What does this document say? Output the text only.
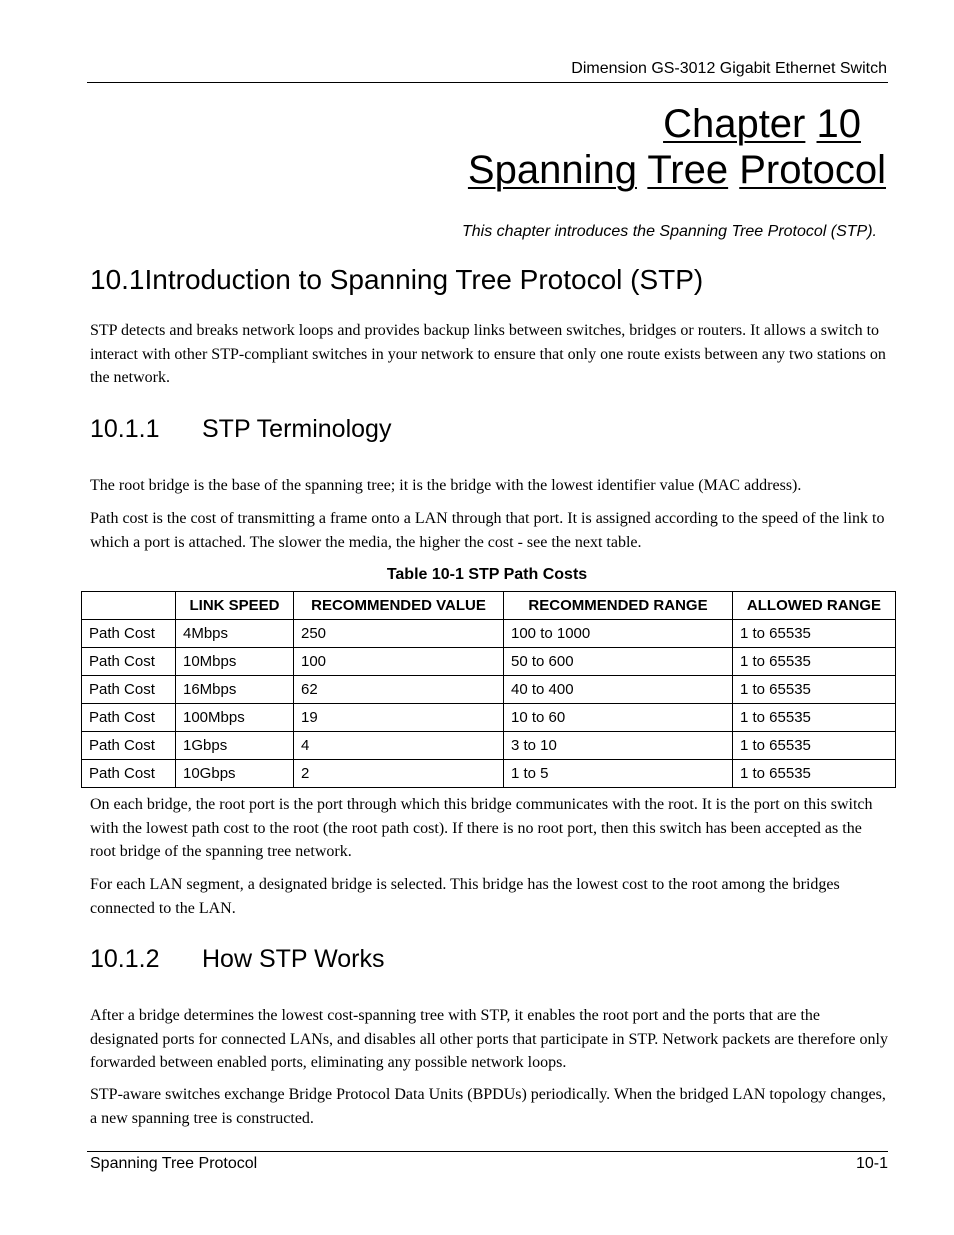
Dimension GS-3012 Gigabit Ethernet Switch
Chapter 10
Spanning Tree Protocol
This chapter introduces the Spanning Tree Protocol (STP).
10.1Introduction to Spanning Tree Protocol (STP)
STP detects and breaks network loops and provides backup links between switches, bridges or routers. It allows a switch to interact with other STP-compliant switches in your network to ensure that only one route exists between any two stations on the network.
10.1.1 STP Terminology
The root bridge is the base of the spanning tree; it is the bridge with the lowest identifier value (MAC address).
Path cost is the cost of transmitting a frame onto a LAN through that port. It is assigned according to the speed of the link to which a port is attached. The slower the media, the higher the cost - see the next table.
Table 10-1 STP Path Costs
	LINK SPEED	RECOMMENDED VALUE	RECOMMENDED RANGE	ALLOWED RANGE
Path Cost	4Mbps	250	100 to 1000	1 to 65535
Path Cost	10Mbps	100	50 to 600	1 to 65535
Path Cost	16Mbps	62	40 to 400	1 to 65535
Path Cost	100Mbps	19	10 to 60	1 to 65535
Path Cost	1Gbps	4	3 to 10	1 to 65535
Path Cost	10Gbps	2	1 to 5	1 to 65535
On each bridge, the root port is the port through which this bridge communicates with the root. It is the port on this switch with the lowest path cost to the root (the root path cost). If there is no root port, then this switch has been accepted as the root bridge of the spanning tree network.
For each LAN segment, a designated bridge is selected. This bridge has the lowest cost to the root among the bridges connected to the LAN.
10.1.2 How STP Works
After a bridge determines the lowest cost-spanning tree with STP, it enables the root port and the ports that are the designated ports for connected LANs, and disables all other ports that participate in STP. Network packets are therefore only forwarded between enabled ports, eliminating any possible network loops.
STP-aware switches exchange Bridge Protocol Data Units (BPDUs) periodically. When the bridged LAN topology changes, a new spanning tree is constructed.
Spanning Tree Protocol	10-1
